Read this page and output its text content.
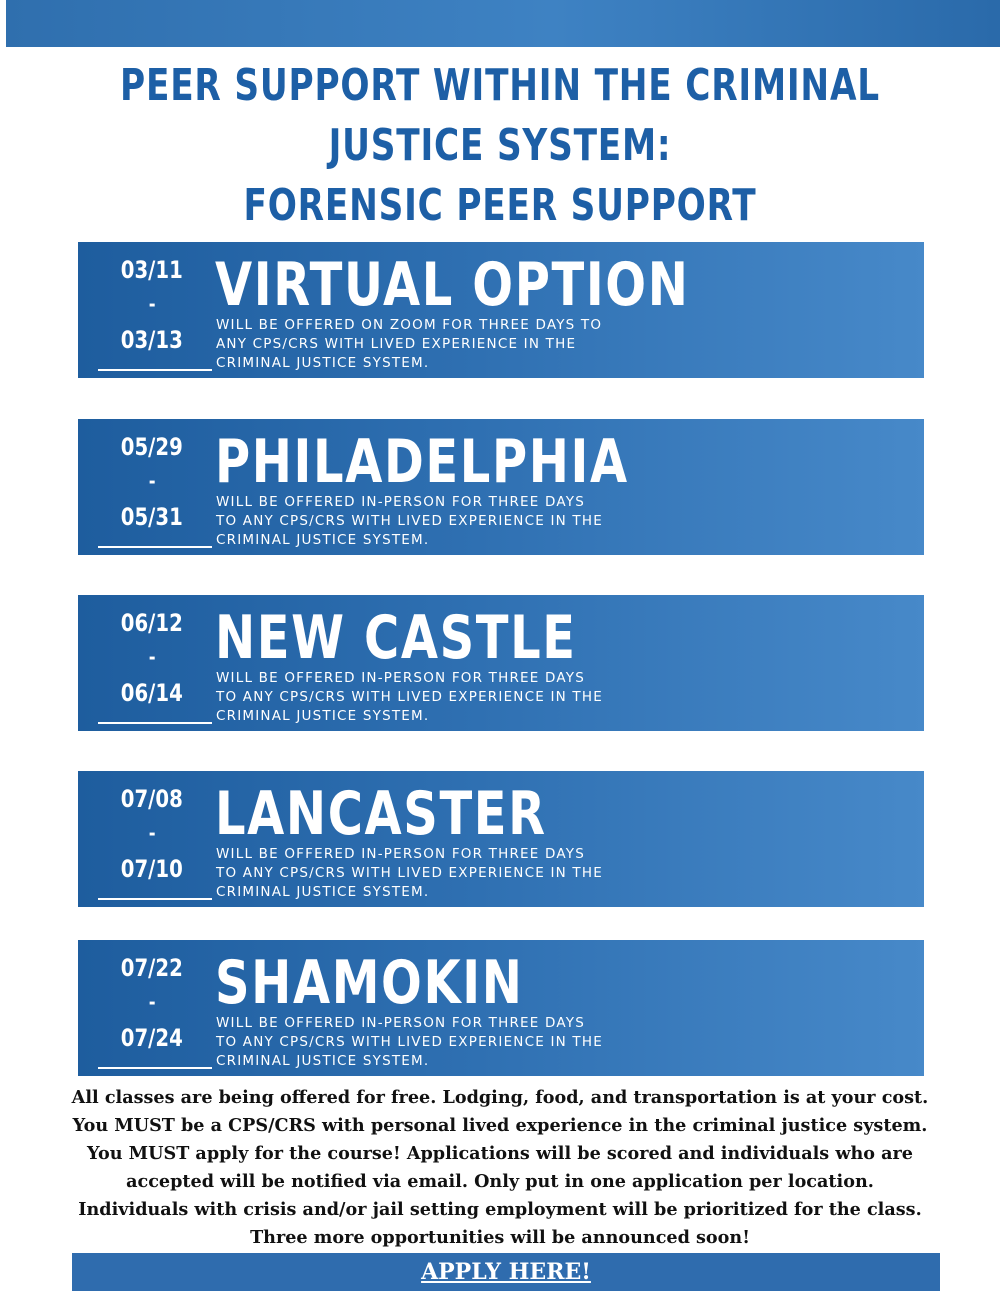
PEER SUPPORT WITHIN THE CRIMINAL
JUSTICE SYSTEM:
FORENSIC PEER SUPPORT
03/11
-
03/13
VIRTUAL OPTION
WILL BE OFFERED ON ZOOM FOR THREE DAYS TO
ANY CPS/CRS WITH LIVED EXPERIENCE IN THE
CRIMINAL JUSTICE SYSTEM.
05/29
-
05/31
PHILADELPHIA
WILL BE OFFERED IN-PERSON FOR THREE DAYS
TO ANY CPS/CRS WITH LIVED EXPERIENCE IN THE
CRIMINAL JUSTICE SYSTEM.
06/12
-
06/14
NEW CASTLE
WILL BE OFFERED IN-PERSON FOR THREE DAYS
TO ANY CPS/CRS WITH LIVED EXPERIENCE IN THE
CRIMINAL JUSTICE SYSTEM.
07/08
-
07/10
LANCASTER
WILL BE OFFERED IN-PERSON FOR THREE DAYS
TO ANY CPS/CRS WITH LIVED EXPERIENCE IN THE
CRIMINAL JUSTICE SYSTEM.
07/22
-
07/24
SHAMOKIN
WILL BE OFFERED IN-PERSON FOR THREE DAYS
TO ANY CPS/CRS WITH LIVED EXPERIENCE IN THE
CRIMINAL JUSTICE SYSTEM.
All classes are being offered for free. Lodging, food, and transportation is at your cost.
You MUST be a CPS/CRS with personal lived experience in the criminal justice system.
You MUST apply for the course! Applications will be scored and individuals who are
accepted will be notified via email. Only put in one application per location.
Individuals with crisis and/or jail setting employment will be prioritized for the class.
Three more opportunities will be announced soon!
APPLY HERE!
